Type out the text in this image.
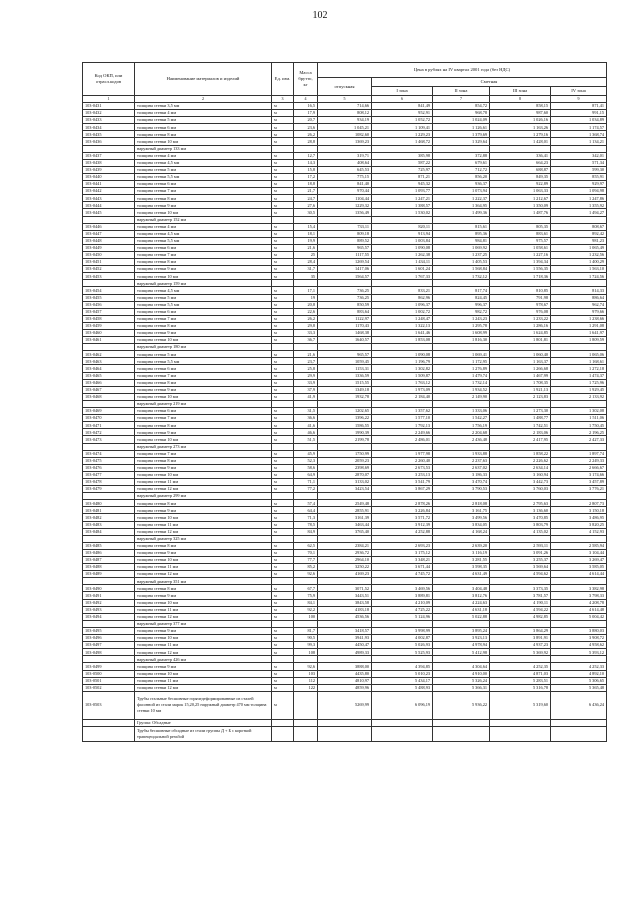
102
Код ОКП, или отрасл.кодов	Наименование материалов и изделий	Ед. изм.	Масса брутто, кг	Цена в рублях на IV квартал 2001 года (без НДС)				
				отпускная	Сметная			
					I зона	II зона	III зона	IV зона
1	2	3	4	5	6	7	8	9
103-0431	толщина стенки 3,5 мм	м	16,5	714,66	841,49	854,72	858,15	871,41
103-0432	толщина стенки 4 мм	м	17,9	808,12	952,91	968,78	987,60	991,15
103-0433	толщина стенки 5 мм	м	20,7	934,19	1 052,72	1 024,09	1 026,16	1 034,89
103-0434	толщина стенки 6 мм	м	23,6	1 045,21	1 109,41	1 126,61	1 163,26	1 174,57
103-0435	толщина стенки 8 мм	м	26,2	1082,60	1 229,23	1 379,69	1 279,16	1 368,74
103-0436	толщина стенки 10 мм	м	28,8	1369,23	1 468,72	1 329,64	1 428,01	1 134,21
	наружный диаметр 133 мм							
103-0437	толщина стенки 4 мм	м	12,7	319,71	385,98	372,88	336,41	342,01
103-0438	толщина стенки 4,5 мм	м	14,3	408,64	587,22	679,61	664,23	571,34
103-0439	толщина стенки 5 мм	м	15,8	645,53	725,97	712,72	688,87	599,30
103-0440	толщина стенки 5,5 мм	м	17,2	775,15	871,21	856,20	849,35	855,91
103-0441	толщина стенки 6 мм	м	18,8	841,40	945,32	936,37	922,89	929,97
103-0442	толщина стенки 7 мм	м	21,7	970,44	1 093,77	1 073,94	1 063,33	1 094,98
103-0443	толщина стенки 8 мм	м	24,7	1104,44	1 247,21	1 222,37	1 212,67	1 247,86
103-0444	толщина стенки 9 мм	м	27,6	1229,32	1 388,57	1 364,95	1 350,09	1 355,92
103-0445	толщина стенки 10 мм	м	30,5	1356,49	1 530,02	1 499,36	1 487,76	1 494,27
	наружный диаметр 152 мм							
103-0446	толщина стенки 4 мм	м	15,4	733,11	820,11	815,61	805,35	808,67
103-0447	толщина стенки 4,5 мм	м	18,1	809,18	913,94	895,36	883,61	892,42
103-0448	толщина стенки 5,5 мм	м	19,9	889,52	1 003,84	984,81	975,57	981,23
103-0449	толщина стенки 6 мм	м	21,6	965,57	1 090,08	1 069,92	1 058,61	1 065,49
103-0450	толщина стенки 7 мм	м	25	1117,55	1 262,38	1 237,25	1 227,16	1 232,56
103-0451	толщина стенки 8 мм	м	28,4	1269,54	1 434,11	1 405,53	1 394,34	1 400,29
103-0452	толщина стенки 9 мм	м	31,7	1417,06	1 601,24	1 568,84	1 556,35	1 563,10
103-0453	толщина стенки 10 мм	м	35	1564,57	1 767,33	1 732,12	1 718,36	1 724,56
	наружный диаметр 159 мм							
103-0454	толщина стенки 4,5 мм	м	17,1	736,25	833,21	817,74	810,85	814,33
103-0455	толщина стенки 5 мм	м	19	736,25	862,96	824,45	791,98	886,64
103-0456	толщина стенки 5,5 мм	м	20,8	850,59	1 096,37	996,37	978,67	962,74
103-0457	толщина стенки 6 мм	м	22,6	883,64	1 002,72	982,72	976,08	979,66
103-0458	толщина стенки 7 мм	м	26,2	1122,97	1 248,47	1 243,23	1 233,22	1 238,66
103-0459	толщина стенки 8 мм	м	29,8	1170,43	1 322,13	1 295,78	1 286,16	1 291,08
103-0460	толщина стенки 9 мм	м	33,3	1468,38	1 641,46	1 608,99	1 624,85	1 641,97
103-0461	толщина стенки 10 мм	м	36,7	1640,57	1 853,08	1 816,30	1 801,81	1 809,59
	наружный диаметр 180 мм							
103-0462	толщина стенки 5 мм	м	21,6	965,57	1 090,08	1 069,41	1 060,40	1 065,06
103-0463	толщина стенки 5,5 мм	м	23,7	1059,45	1 196,79	1 172,95	1 163,37	1 168,61
103-0464	толщина стенки 6 мм	м	25,8	1153,31	1 302,82	1 276,89	1 266,68	1 272,18
103-0465	толщина стенки 7 мм	м	29,9	1336,59	1 509,87	1 479,74	1 467,99	1 474,37
103-0466	толщина стенки 8 мм	м	33,9	1515,55	1 763,12	1 732,14	1 708,35	1 725,96
103-0467	толщина стенки 9 мм	м	37,9	1349,18	1 973,09	1 934,52	1 921,13	1 929,45
103-0468	толщина стенки 10 мм	м	41,9	1932,78	2 184,40	2 149,90	2 123,83	2 133,92
	наружный диаметр 219 мм							
103-0469	толщина стенки 6 мм	м	31,5	1202,65	1 357,62	1 333,06	1 273,30	1 302,08
103-0470	толщина стенки 7 мм	м	36,6	1396,22	1 577,10	1 542,27	1 488,77	1 511,06
103-0471	толщина стенки 8 мм	м	41,6	1586,55	1 792,13	1 756,19	1 742,51	1 750,45
103-0472	толщина стенки 9 мм	м	46,6	1990,39	2 249,66	2 204,68	2 183,06	2 196,25
103-0473	толщина стенки 10 мм	м	51,5	2199,78	2 486,01	2 436,48	2 417,95	2 427,33
	наружный диаметр 273 мм							
103-0474	толщина стенки 7 мм	м	45,9	1750,99	1 977,98	1 933,88	1 858,22	1 897,74
103-0475	толщина стенки 8 мм	м	52,3	2059,23	2 260,40	2 237,63	2 226,62	2 249,33
103-0476	толщина стенки 9 мм	м	58,6	2398,69	2 673,53	2 637,02	2 634,14	2 666,67
103-0477	толщина стенки 10 мм	м	64,9	2870,07	3 253,13	3 186,33	3 160,94	3 174,66
103-0478	толщина стенки 11 мм	м	71,1	3133,02	3 541,79	3 470,74	3 442,73	3 457,89
103-0479	толщина стенки 12 мм	м	77,2	3423,54	3 867,29	3 790,53	3 760,03	3 776,21
	наружный диаметр 299 мм							
103-0480	толщина стенки 8 мм	м	57,4	2549,48	2 878,26	2 818,08	2 795,63	2 807,73
103-0481	толщина стенки 9 мм	м	64,4	2855,91	3 226,84	3 161,75	3 136,60	3 150,18
103-0482	толщина стенки 10 мм	м	71,3	3161,39	3 571,72	3 499,56	3 470,85	3 486,95
103-0483	толщина стенки 11 мм	м	78,5	3463,44	3 912,39	3 834,05	3 803,79	3 820,25
103-0484	толщина стенки 12 мм	м	84,9	3765,40	4 252,88	4 168,24	4 135,02	4 152,93
	наружный диаметр 325 мм							
103-0485	толщина стенки 8 мм	м	62,5	2384,21	2 693,23	2 639,20	2 593,11	2 585,94
103-0486	толщина стенки 9 мм	м	70,1	2936,72	3 175,12	3 116,19	3 091,26	3 104,44
103-0487	толщина стенки 10 мм	м	77,7	2964,10	3 348,21	3 281,55	3 255,37	3 269,47
103-0488	толщина стенки 11 мм	м	85,2	3250,22	3 671,44	3 598,35	3 569,64	3 585,05
103-0489	толщина стенки 12 мм	м	92,6	4169,23	4 745,72	4 631,49	4 594,62	4 614,44
	наружный диаметр 351 мм							
103-0490	толщина стенки 8 мм	м	67,7	3071,52	3 469,56	3 404,48	3 373,35	3 382,98
103-0491	толщина стенки 9 мм	м	75,9	3443,51	3 889,81	3 812,76	3 781,57	3 798,33
103-0492	толщина стенки 10 мм	м	84,1	3843,58	4 210,09	4 224,63	4 190,11	4 208,78
103-0493	толщина стенки 11 мм	м	92,2	4183,18	4 725,22	4 631,18	4 594,22	4 614,48
103-0494	толщина стенки 12 мм	м	100	4536,56	5 124,96	5 022,88	4 982,85	5 004,42
	наружный диаметр 377 мм							
103-0495	толщина стенки 9 мм	м	81,7	3418,57	3 998,99	3 895,24	3 864,29	3 880,03
103-0496	толщина стенки 10 мм	м	90,5	3941,93	4 002,87	3 923,13	3 891,91	3 908,72
103-0497	толщина стенки 11 мм	м	99,3	4450,47	5 026,93	4 978,94	4 937,23	4 958,62
103-0498	толщина стенки 12 мм	м	108	4989,33	5 525,93	5 412,98	5 369,92	5 393,12
	наружный диаметр 426 мм							
103-0499	толщина стенки 9 мм	м	92,6	3888,00	4 394,85	4 304,64	4 252,35	4 252,33
103-0500	толщина стенки 10 мм	м	103	4435,80	5 010,23	4 910,00	4 871,03	4 892,10
103-0501	толщина стенки 11 мм	м	112	4810,97	5 434,17	5 326,24	5 283,51	5 306,65
103-0502	толщина стенки 12 мм	м	122	4859,96	5 488,93	5 366,31	5 316,78	5 365,48
103-0503	Трубы стальные бесшовные горячедеформированные из сталей фасонной из стали марок 15,20,25 наружный диаметр 470 мм толщина стенки 10 мм	м		5269,99	6 096,19	5 936,22	5 319,60	6 436,24
	Группа: Обсадные							
	Трубы бесшовные обсадные из стали группы Д + Б с короткой трапецеидальной резьбой							
